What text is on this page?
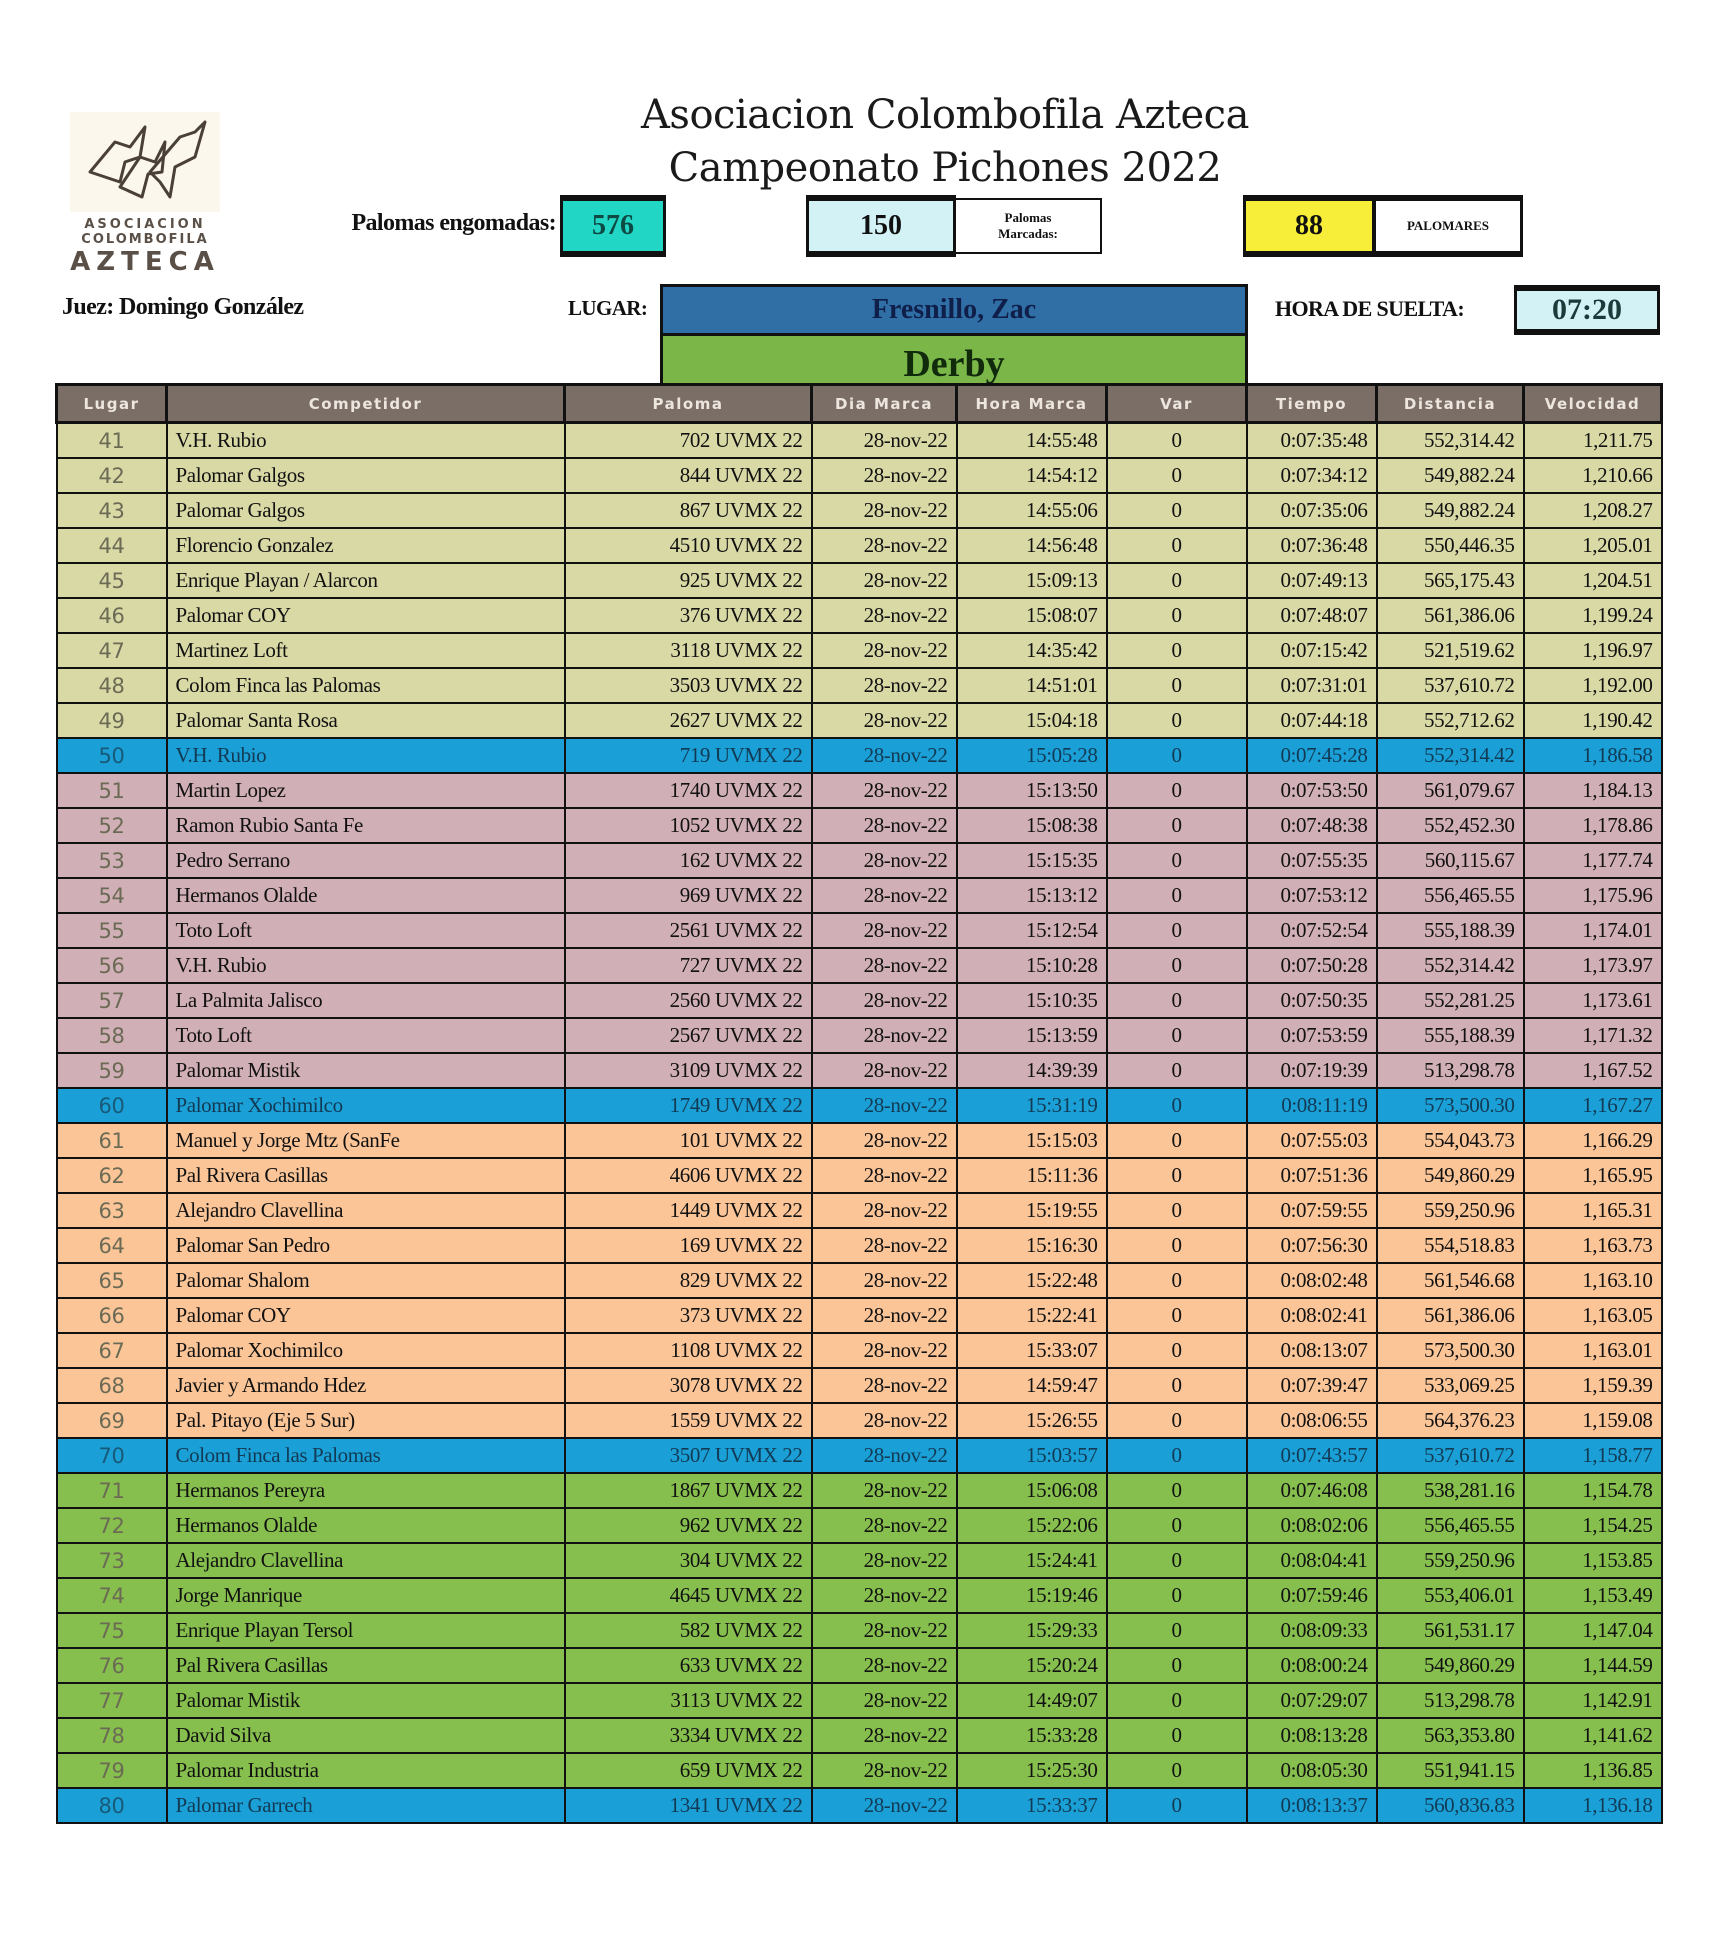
Asociacion Colombofila Azteca
Campeonato Pichones 2022
ASOCIACION
COLOMBOFILA
AZTECA
Palomas engomadas:	576	150	Palomas
Marcadas:	88	PALOMARES
Juez: Domingo González	LUGAR:	Fresnillo, Zac
Derby
HORA DE SUELTA:	07:20
Lugar	Competidor	Paloma	Dia Marca	Hora Marca	Var	Tiempo	Distancia	Velocidad
41	V.H. Rubio	702 UVMX 22	28-nov-22	14:55:48	0	0:07:35:48	552,314.42	1,211.75
42	Palomar Galgos	844 UVMX 22	28-nov-22	14:54:12	0	0:07:34:12	549,882.24	1,210.66
43	Palomar Galgos	867 UVMX 22	28-nov-22	14:55:06	0	0:07:35:06	549,882.24	1,208.27
44	Florencio Gonzalez	4510 UVMX 22	28-nov-22	14:56:48	0	0:07:36:48	550,446.35	1,205.01
45	Enrique Playan / Alarcon	925 UVMX 22	28-nov-22	15:09:13	0	0:07:49:13	565,175.43	1,204.51
46	Palomar COY	376 UVMX 22	28-nov-22	15:08:07	0	0:07:48:07	561,386.06	1,199.24
47	Martinez Loft	3118 UVMX 22	28-nov-22	14:35:42	0	0:07:15:42	521,519.62	1,196.97
48	Colom Finca las Palomas	3503 UVMX 22	28-nov-22	14:51:01	0	0:07:31:01	537,610.72	1,192.00
49	Palomar Santa Rosa	2627 UVMX 22	28-nov-22	15:04:18	0	0:07:44:18	552,712.62	1,190.42
50	V.H. Rubio	719 UVMX 22	28-nov-22	15:05:28	0	0:07:45:28	552,314.42	1,186.58
51	Martin Lopez	1740 UVMX 22	28-nov-22	15:13:50	0	0:07:53:50	561,079.67	1,184.13
52	Ramon Rubio Santa Fe	1052 UVMX 22	28-nov-22	15:08:38	0	0:07:48:38	552,452.30	1,178.86
53	Pedro Serrano	162 UVMX 22	28-nov-22	15:15:35	0	0:07:55:35	560,115.67	1,177.74
54	Hermanos Olalde	969 UVMX 22	28-nov-22	15:13:12	0	0:07:53:12	556,465.55	1,175.96
55	Toto Loft	2561 UVMX 22	28-nov-22	15:12:54	0	0:07:52:54	555,188.39	1,174.01
56	V.H. Rubio	727 UVMX 22	28-nov-22	15:10:28	0	0:07:50:28	552,314.42	1,173.97
57	La Palmita Jalisco	2560 UVMX 22	28-nov-22	15:10:35	0	0:07:50:35	552,281.25	1,173.61
58	Toto Loft	2567 UVMX 22	28-nov-22	15:13:59	0	0:07:53:59	555,188.39	1,171.32
59	Palomar Mistik	3109 UVMX 22	28-nov-22	14:39:39	0	0:07:19:39	513,298.78	1,167.52
60	Palomar Xochimilco	1749 UVMX 22	28-nov-22	15:31:19	0	0:08:11:19	573,500.30	1,167.27
61	Manuel y Jorge Mtz (SanFe	101 UVMX 22	28-nov-22	15:15:03	0	0:07:55:03	554,043.73	1,166.29
62	Pal Rivera Casillas	4606 UVMX 22	28-nov-22	15:11:36	0	0:07:51:36	549,860.29	1,165.95
63	Alejandro Clavellina	1449 UVMX 22	28-nov-22	15:19:55	0	0:07:59:55	559,250.96	1,165.31
64	Palomar San Pedro	169 UVMX 22	28-nov-22	15:16:30	0	0:07:56:30	554,518.83	1,163.73
65	Palomar Shalom	829 UVMX 22	28-nov-22	15:22:48	0	0:08:02:48	561,546.68	1,163.10
66	Palomar COY	373 UVMX 22	28-nov-22	15:22:41	0	0:08:02:41	561,386.06	1,163.05
67	Palomar Xochimilco	1108 UVMX 22	28-nov-22	15:33:07	0	0:08:13:07	573,500.30	1,163.01
68	Javier y Armando Hdez	3078 UVMX 22	28-nov-22	14:59:47	0	0:07:39:47	533,069.25	1,159.39
69	Pal. Pitayo (Eje 5 Sur)	1559 UVMX 22	28-nov-22	15:26:55	0	0:08:06:55	564,376.23	1,159.08
70	Colom Finca las Palomas	3507 UVMX 22	28-nov-22	15:03:57	0	0:07:43:57	537,610.72	1,158.77
71	Hermanos Pereyra	1867 UVMX 22	28-nov-22	15:06:08	0	0:07:46:08	538,281.16	1,154.78
72	Hermanos Olalde	962 UVMX 22	28-nov-22	15:22:06	0	0:08:02:06	556,465.55	1,154.25
73	Alejandro Clavellina	304 UVMX 22	28-nov-22	15:24:41	0	0:08:04:41	559,250.96	1,153.85
74	Jorge Manrique	4645 UVMX 22	28-nov-22	15:19:46	0	0:07:59:46	553,406.01	1,153.49
75	Enrique Playan Tersol	582 UVMX 22	28-nov-22	15:29:33	0	0:08:09:33	561,531.17	1,147.04
76	Pal Rivera Casillas	633 UVMX 22	28-nov-22	15:20:24	0	0:08:00:24	549,860.29	1,144.59
77	Palomar Mistik	3113 UVMX 22	28-nov-22	14:49:07	0	0:07:29:07	513,298.78	1,142.91
78	David Silva	3334 UVMX 22	28-nov-22	15:33:28	0	0:08:13:28	563,353.80	1,141.62
79	Palomar Industria	659 UVMX 22	28-nov-22	15:25:30	0	0:08:05:30	551,941.15	1,136.85
80	Palomar Garrech	1341 UVMX 22	28-nov-22	15:33:37	0	0:08:13:37	560,836.83	1,136.18
